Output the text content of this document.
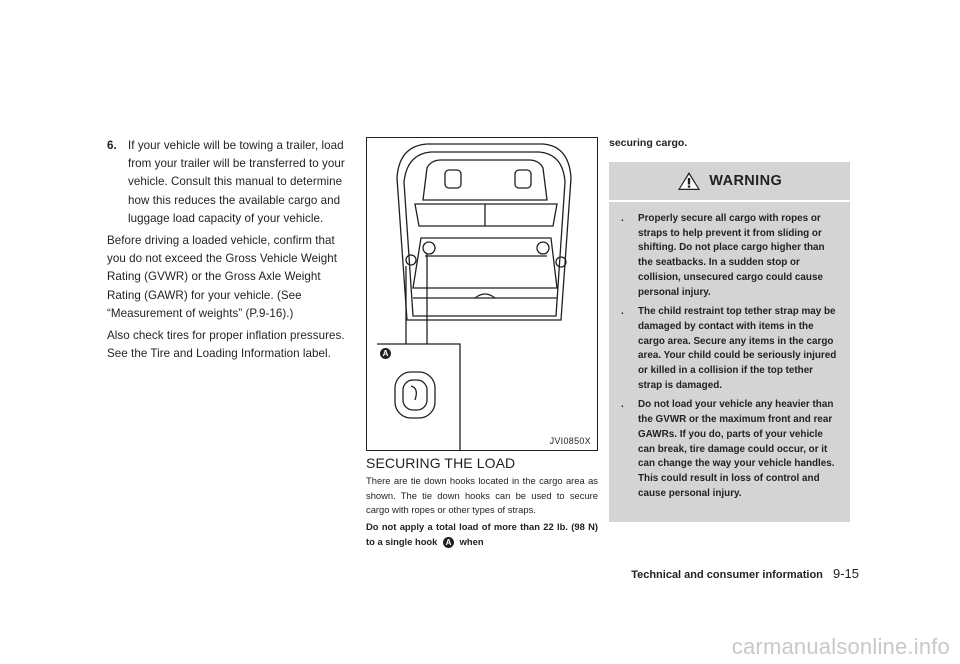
6. If your vehicle will be towing a trailer, load from your trailer will be transferred to your vehicle. Consult this manual to determine how this reduces the available cargo and luggage load capacity of your vehicle.

Before driving a loaded vehicle, confirm that you do not exceed the Gross Vehicle Weight Rating (GVWR) or the Gross Axle Weight Rating (GAWR) for your vehicle. (See “Measurement of weights” (P.9-16).)

Also check tires for proper inflation pressures. See the Tire and Loading Information label.	A
JVI0850X
SECURING THE LOAD

There are tie down hooks located in the cargo area as shown. The tie down hooks can be used to secure cargo with ropes or other types of straps.

Do not apply a total load of more than 22 lb. (98 N) to a single hook A when

securing cargo.
WARNING
.	Properly secure all cargo with ropes or straps to help prevent it from sliding or shifting. Do not place cargo higher than the seatbacks. In a sudden stop or collision, unsecured cargo could cause personal injury.
.	The child restraint top tether strap may be damaged by contact with items in the cargo area. Secure any items in the cargo area. Your child could be seriously injured or killed in a collision if the top tether strap is damaged.
.	Do not load your vehicle any heavier than the GVWR or the maximum front and rear GAWRs. If you do, parts of your vehicle can break, tire damage could occur, or it can change the way your vehicle handles. This could result in loss of control and cause personal injury.
Technical and consumer information 9-15
carmanualsonline.info
